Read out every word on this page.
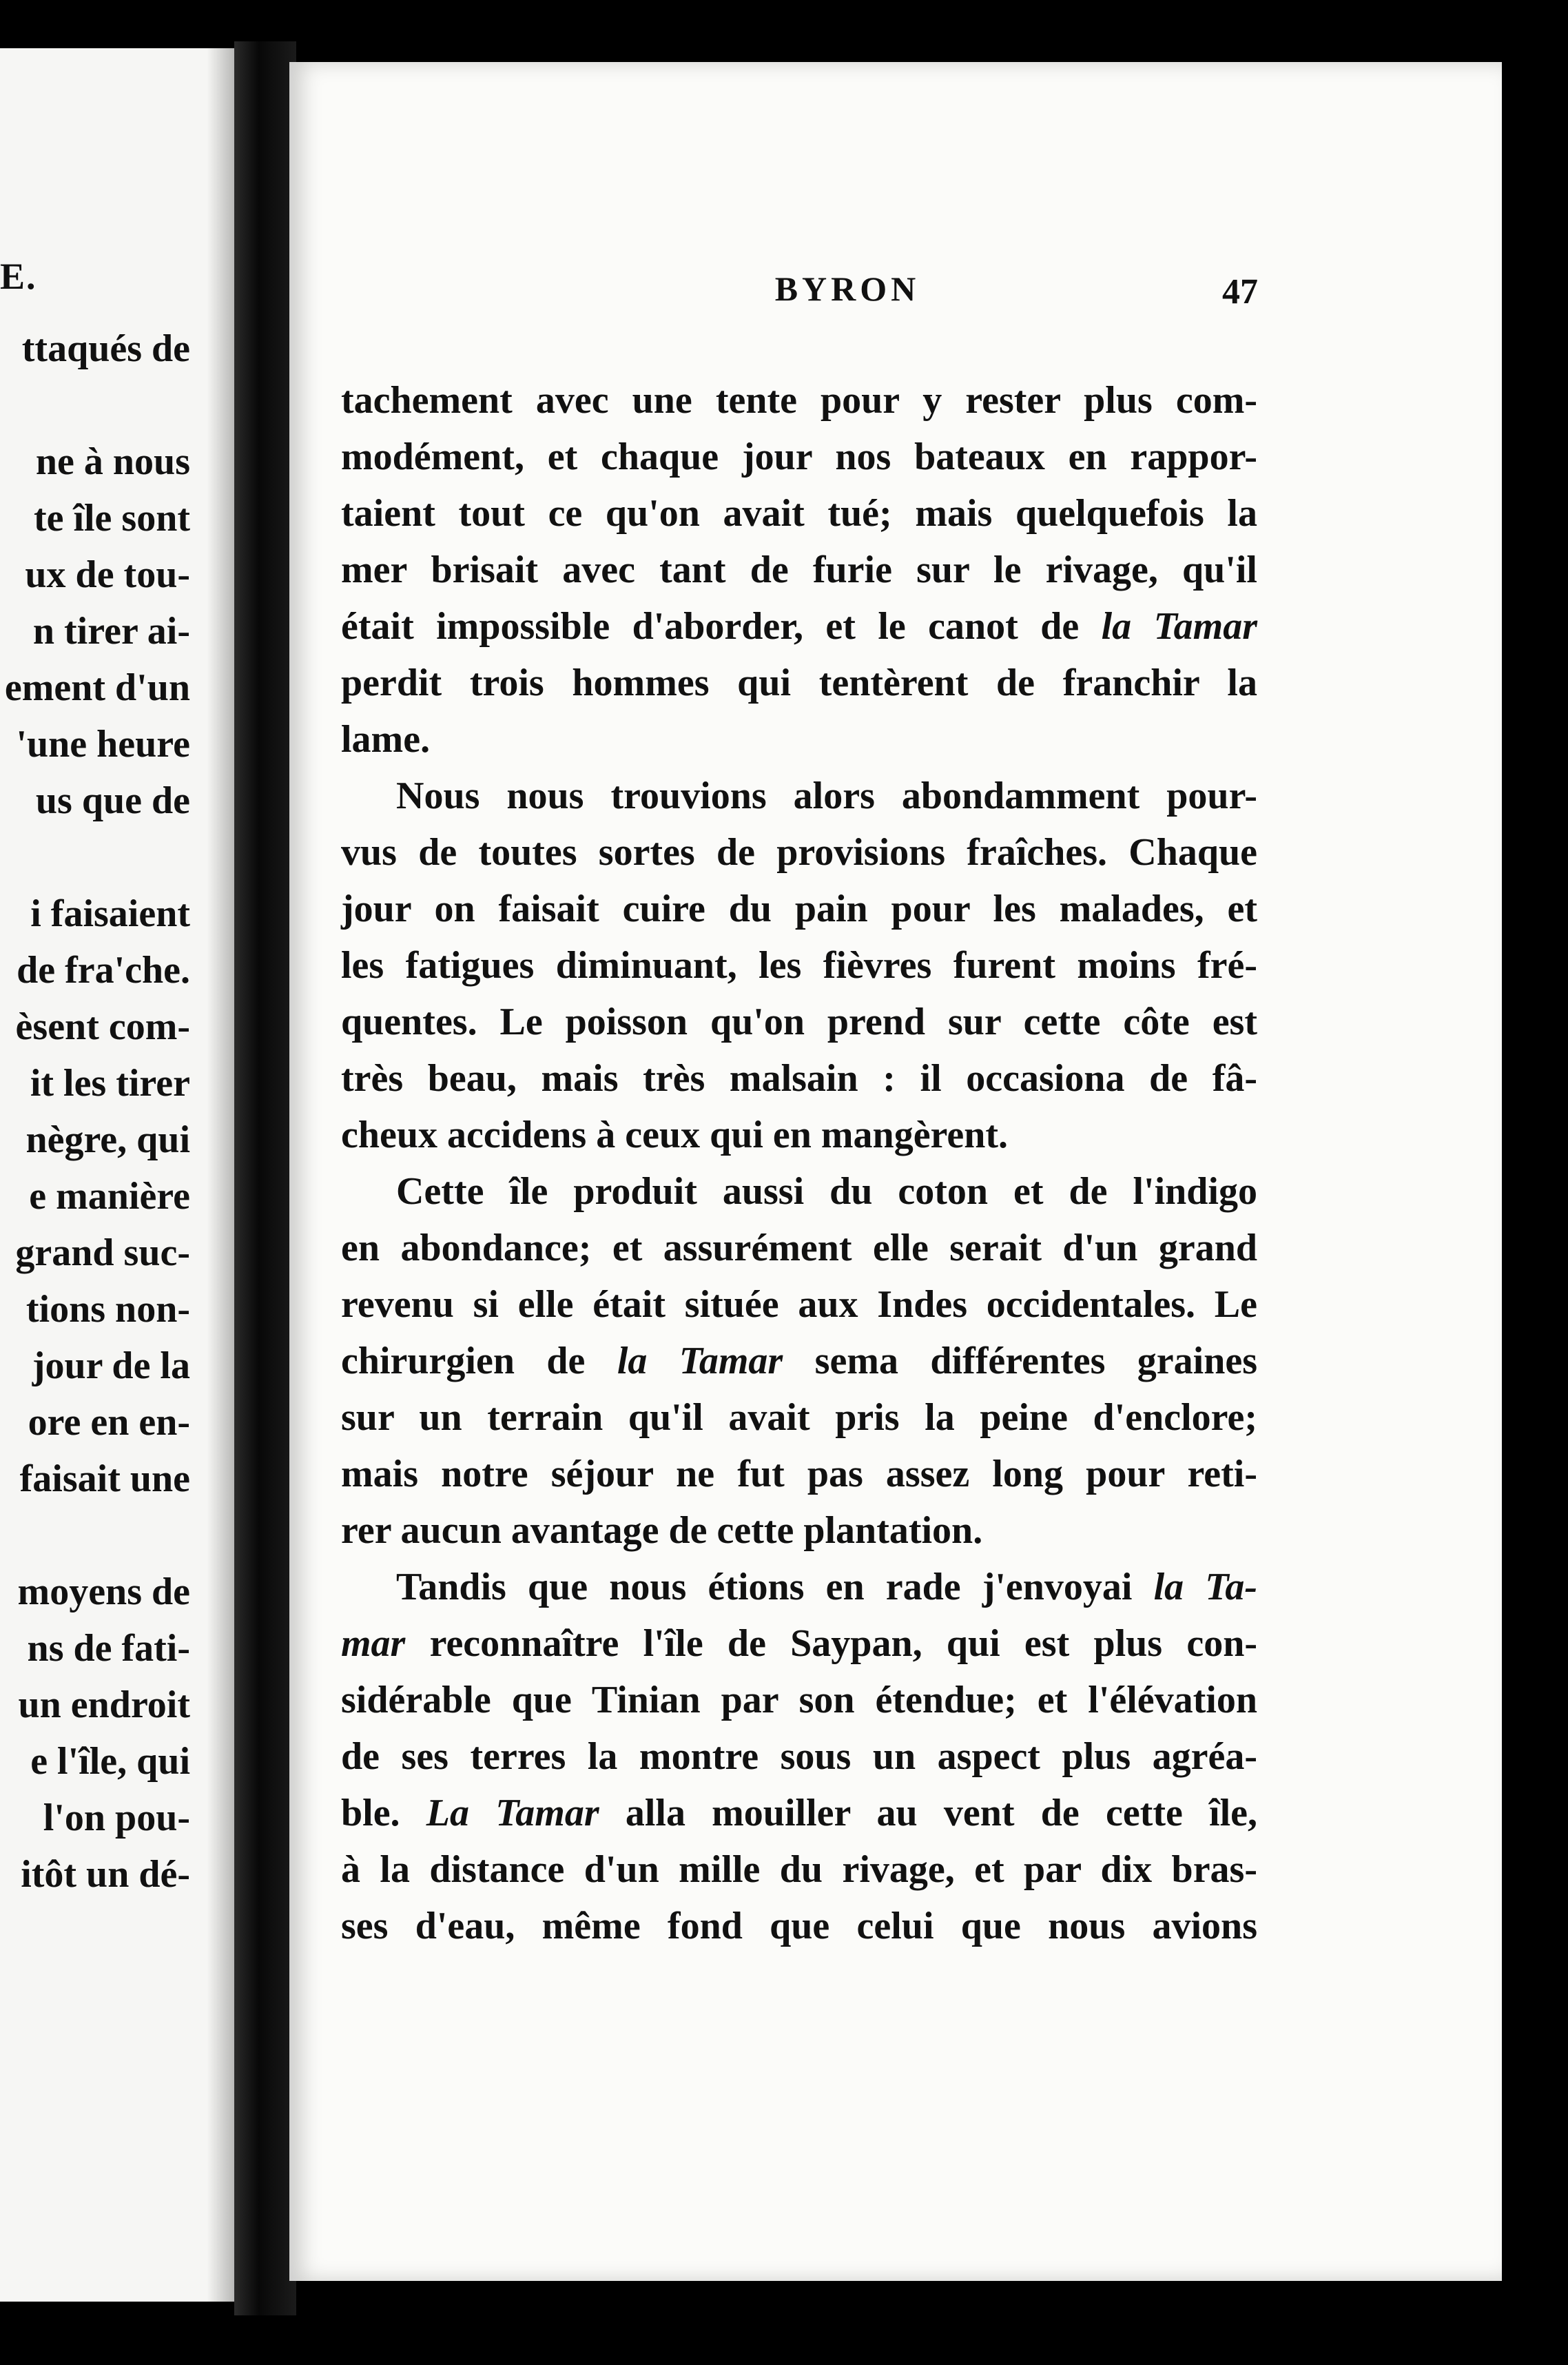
E.
ttaqués de

ne à nous
te île sont
ux de tou-
n tirer ai-
ement d'un
'une heure
us que de

i faisaient
de fra'che.
èsent com-
it les tirer
nègre, qui
e manière
grand suc-
tions non-
jour de la
ore en en-
faisait une

moyens de
ns de fati-
un endroit
e l'île, qui
l'on pou-
itôt un dé-
BYRON	47

tachement avec une tente pour y rester plus com-
modément, et chaque jour nos bateaux en rappor-
taient tout ce qu'on avait tué; mais quelquefois la
mer brisait avec tant de furie sur le rivage, qu'il
était impossible d'aborder, et le canot de la Tamar
perdit trois hommes qui tentèrent de franchir la
lame.

Nous nous trouvions alors abondamment pour-
vus de toutes sortes de provisions fraîches. Chaque
jour on faisait cuire du pain pour les malades, et
les fatigues diminuant, les fièvres furent moins fré-
quentes. Le poisson qu'on prend sur cette côte est
très beau, mais très malsain : il occasiona de fâ-
cheux accidens à ceux qui en mangèrent.

Cette île produit aussi du coton et de l'indigo
en abondance; et assurément elle serait d'un grand
revenu si elle était située aux Indes occidentales. Le
chirurgien de la Tamar sema différentes graines
sur un terrain qu'il avait pris la peine d'enclore;
mais notre séjour ne fut pas assez long pour reti-
rer aucun avantage de cette plantation.

Tandis que nous étions en rade j'envoyai la Ta-
mar reconnaître l'île de Saypan, qui est plus con-
sidérable que Tinian par son étendue; et l'élévation
de ses terres la montre sous un aspect plus agréa-
ble. La Tamar alla mouiller au vent de cette île,
à la distance d'un mille du rivage, et par dix bras-
ses d'eau, même fond que celui que nous avions
